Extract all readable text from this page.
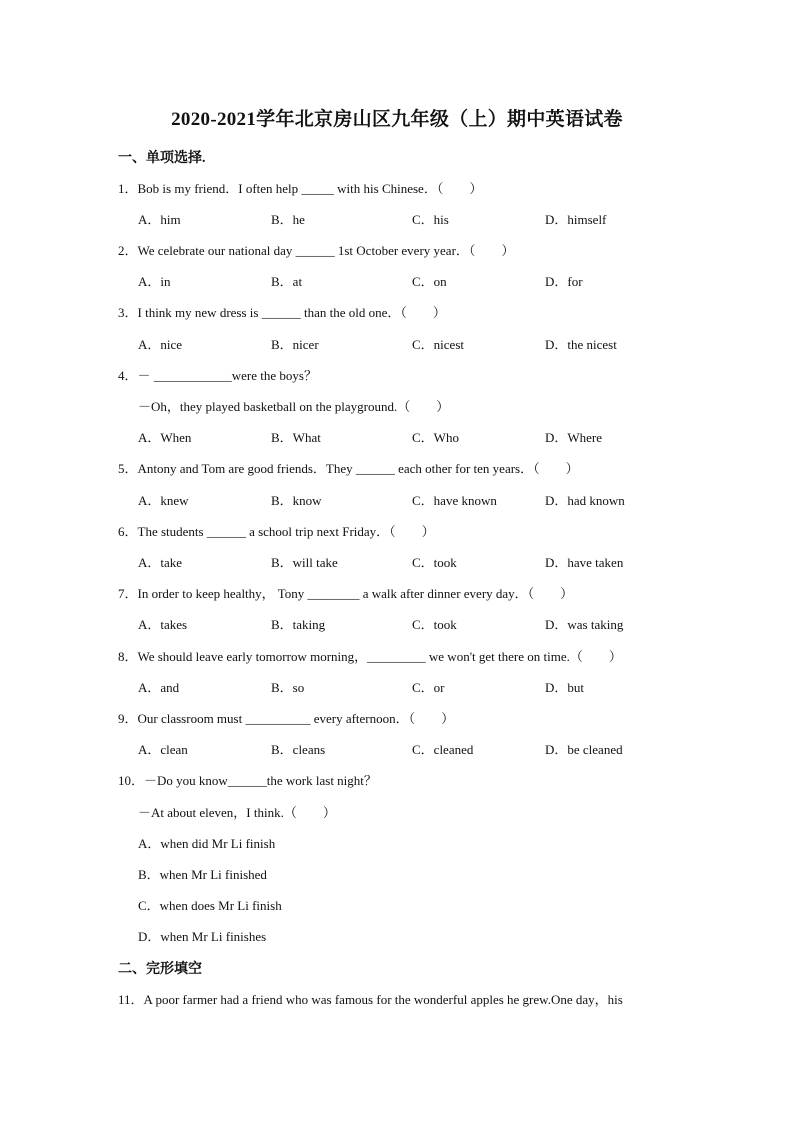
2020-2021学年北京房山区九年级（上）期中英语试卷
一、单项选择.
1．Bob is my friend．I often help _____ with his Chinese．（　　）
A．him	B．he	C．his	D．himself
2．We celebrate our national day ______ 1st October every year．（　　）
A．in	B．at	C．on	D．for
3．I think my new dress is ______ than the old one．（　　）
A．nice	B．nicer	C．nicest	D．the nicest
4．－ ____________were the boys？
－Oh，they played basketball on the playground.（　　）
A．When	B．What	C．Who	D．Where
5．Antony and Tom are good friends．They ______ each other for ten years．（　　）
A．knew	B．know	C．have known	D．had known
6．The students ______ a school trip next Friday．（　　）
A．take	B．will take	C．took	D．have taken
7．In order to keep healthy， Tony ________ a walk after dinner every day．（　　）
A．takes	B．taking	C．took	D．was taking
8．We should leave early tomorrow morning，_________ we won't get there on time.（　　）
A．and	B．so	C．or	D．but
9．Our classroom must __________ every afternoon．（　　）
A．clean	B．cleans	C．cleaned	D．be cleaned
10．－Do you know______the work last night？
－At about eleven，I think.（　　）
A．when did Mr Li finish
B．when Mr Li finished
C．when does Mr Li finish
D．when Mr Li finishes
二、完形填空
11．A poor farmer had a friend who was famous for the wonderful apples he grew.One day，his
